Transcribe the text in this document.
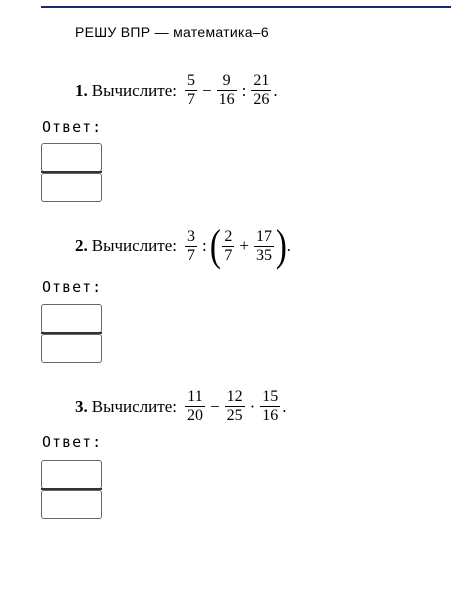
РЕШУ ВПР — математика–6
1. Вычислите: $\frac{5}{7} - \frac{9}{16}$ : $\frac{21}{26}$ .
Ответ:
2. Вычислите: $\frac{3}{7}$ : ( $\frac{2}{7} + \frac{17}{35}$ ) .
Ответ:
3. Вычислите: $\frac{11}{20} - \frac{12}{25} \cdot \frac{15}{16}$ .
Ответ:
